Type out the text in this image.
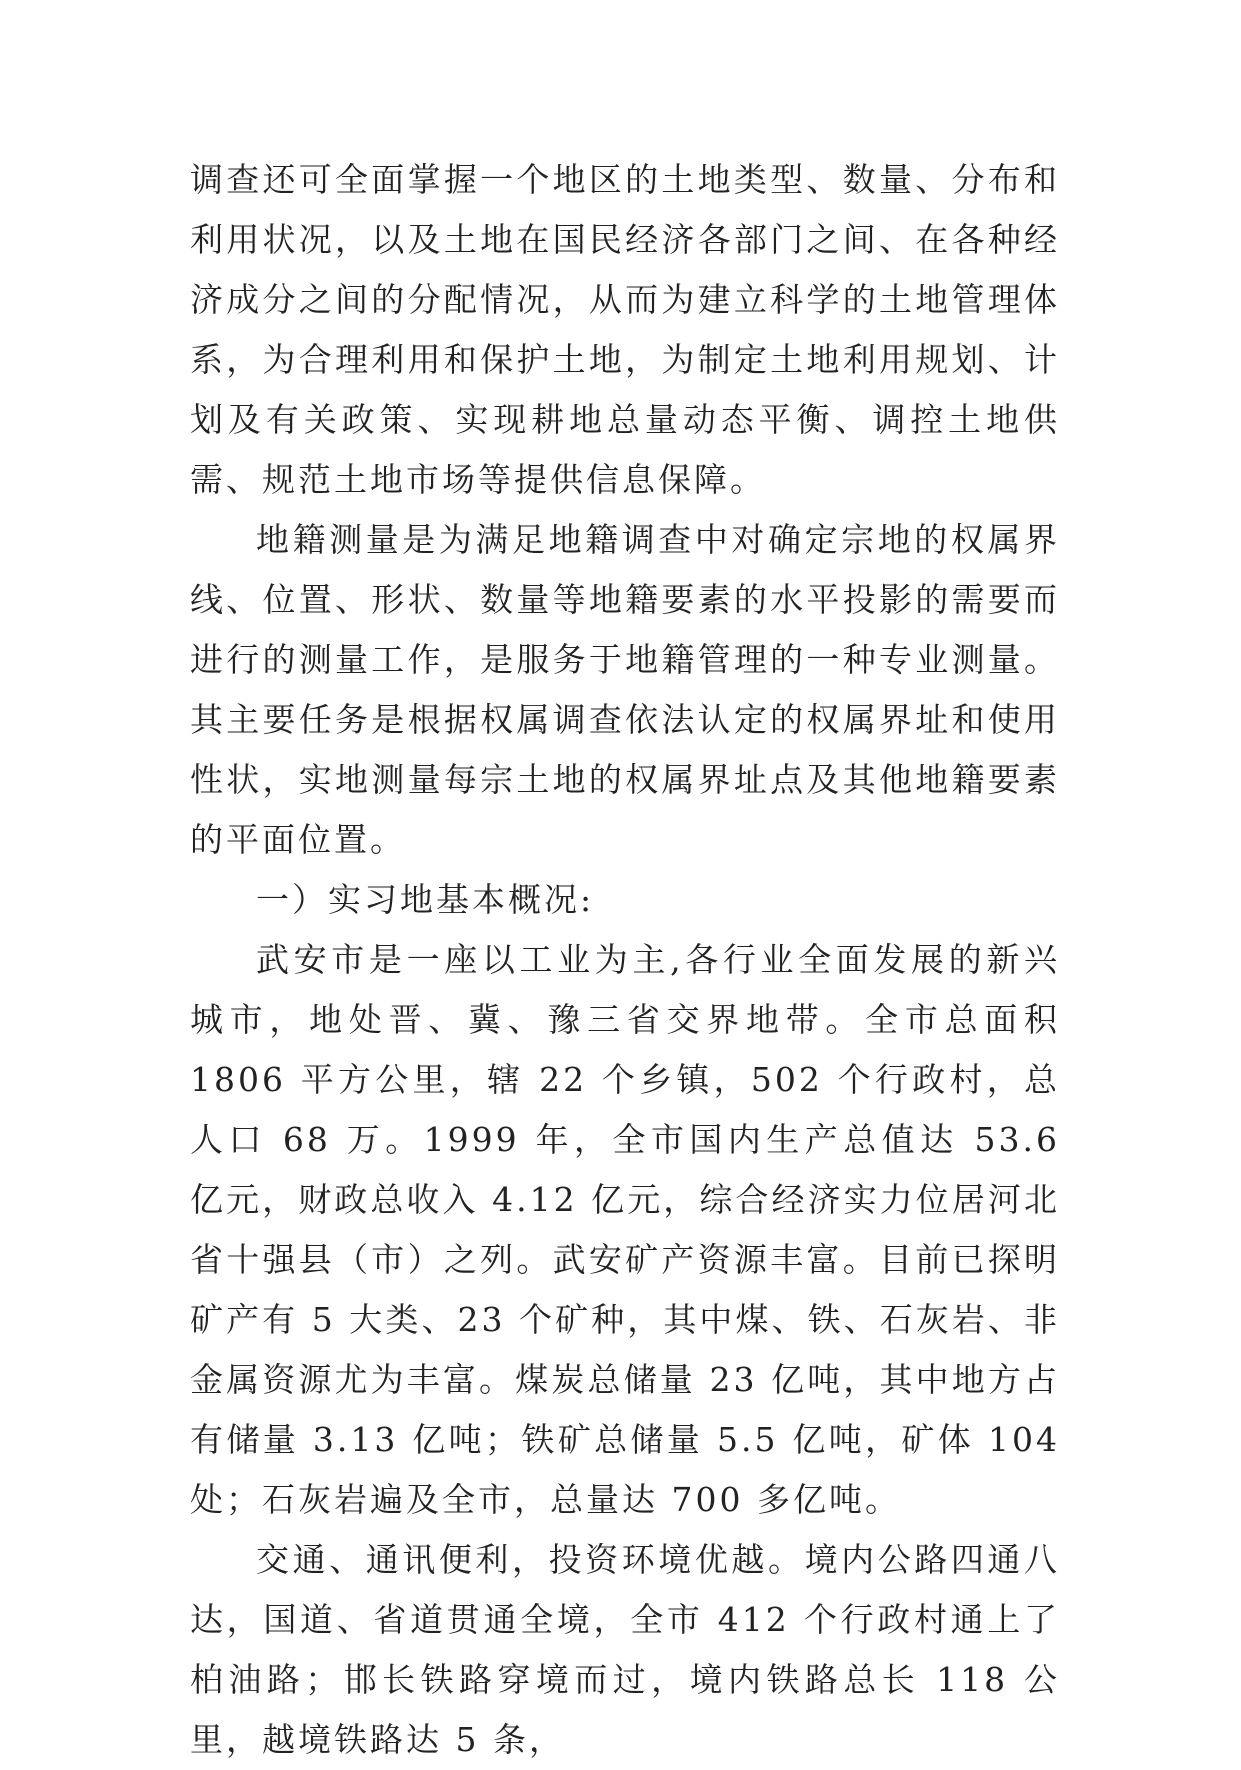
调查还可全面掌握一个地区的土地类型、数量、分布和利用状况，以及土地在国民经济各部门之间、在各种经济成分之间的分配情况，从而为建立科学的土地管理体系，为合理利用和保护土地，为制定土地利用规划、计划及有关政策、实现耕地总量动态平衡、调控土地供需、规范土地市场等提供信息保障。

地籍测量是为满足地籍调查中对确定宗地的权属界线、位置、形状、数量等地籍要素的水平投影的需要而进行的测量工作，是服务于地籍管理的一种专业测量。其主要任务是根据权属调查依法认定的权属界址和使用性状，实地测量每宗土地的权属界址点及其他地籍要素的平面位置。

一）实习地基本概况:

武安市是一座以工业为主,各行业全面发展的新兴城市，地处晋、冀、豫三省交界地带。全市总面积 1806 平方公里，辖 22 个乡镇，502 个行政村，总人口 68 万。1999 年，全市国内生产总值达 53.6 亿元，财政总收入 4.12 亿元，综合经济实力位居河北省十强县（市）之列。武安矿产资源丰富。目前已探明矿产有 5 大类、23 个矿种，其中煤、铁、石灰岩、非金属资源尤为丰富。煤炭总储量 23 亿吨，其中地方占有储量 3.13 亿吨；铁矿总储量 5.5 亿吨，矿体 104 处；石灰岩遍及全市，总量达 700 多亿吨。

交通、通讯便利，投资环境优越。境内公路四通八达，国道、省道贯通全境，全市 412 个行政村通上了柏油路；邯长铁路穿境而过，境内铁路总长 118 公里，越境铁路达 5 条，
